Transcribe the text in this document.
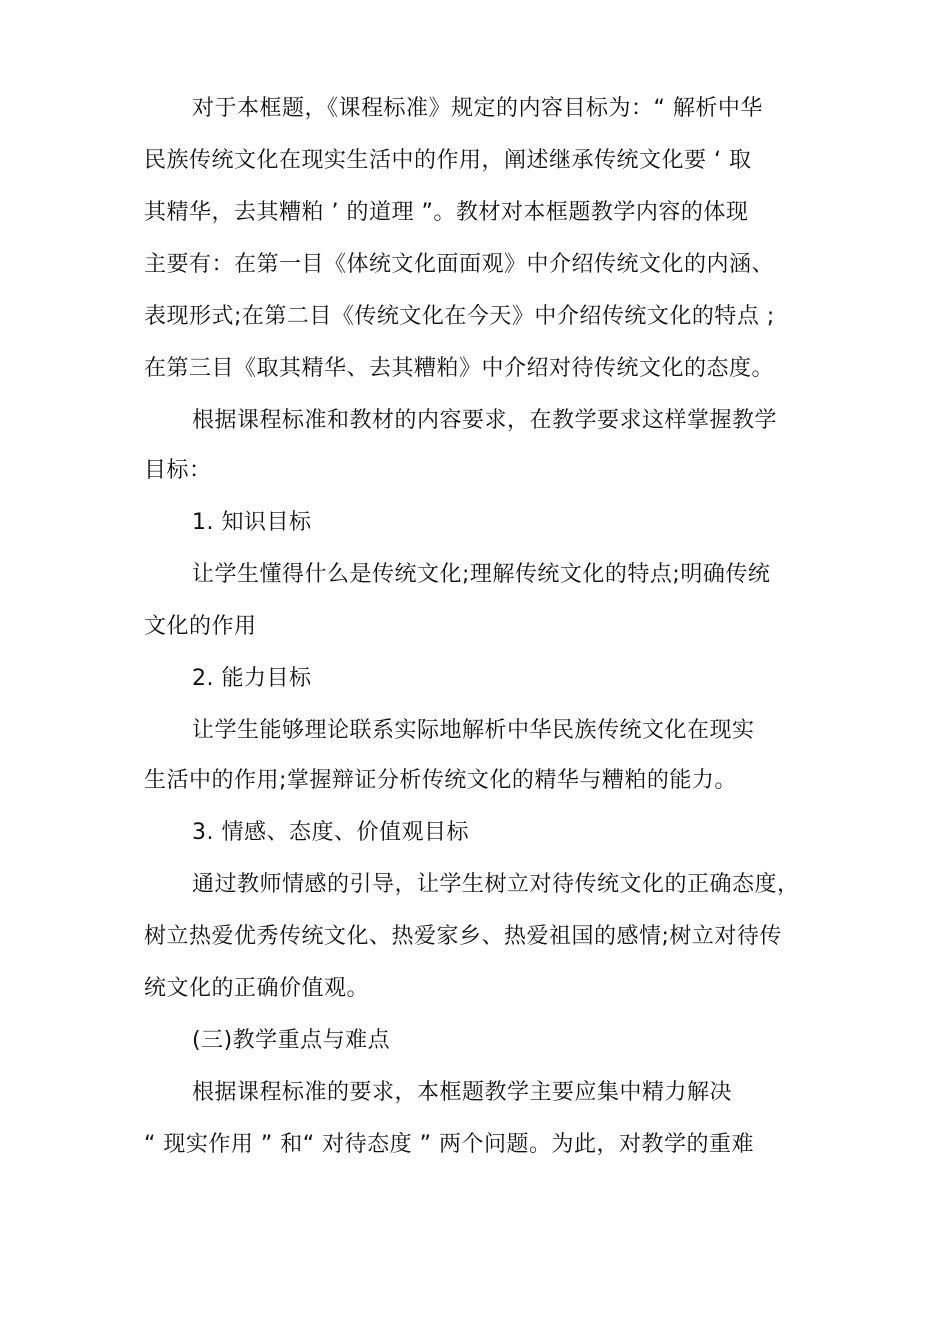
对于本框题，《课程标准》规定的内容目标为：“ 解析中华
民族传统文化在现实生活中的作用，阐述继承传统文化要 ‘ 取
其精华，去其糟粕 ’ 的道理 ”。教材对本框题教学内容的体现
主要有：在第一目《体统文化面面观》中介绍传统文化的内涵、
表现形式;在第二目《传统文化在今天》中介绍传统文化的特点 ;
在第三目《取其精华、去其糟粕》中介绍对待传统文化的态度。
根据课程标准和教材的内容要求，在教学要求这样掌握教学
目标：
1. 知识目标
让学生懂得什么是传统文化;理解传统文化的特点;明确传统
文化的作用
2. 能力目标
让学生能够理论联系实际地解析中华民族传统文化在现实
生活中的作用;掌握辩证分析传统文化的精华与糟粕的能力。
3. 情感、态度、价值观目标
通过教师情感的引导，让学生树立对待传统文化的正确态度，
树立热爱优秀传统文化、热爱家乡、热爱祖国的感情;树立对待传
统文化的正确价值观。
(三)教学重点与难点
根据课程标准的要求，本框题教学主要应集中精力解决
“ 现实作用 ” 和“ 对待态度 ” 两个问题。为此，对教学的重难
